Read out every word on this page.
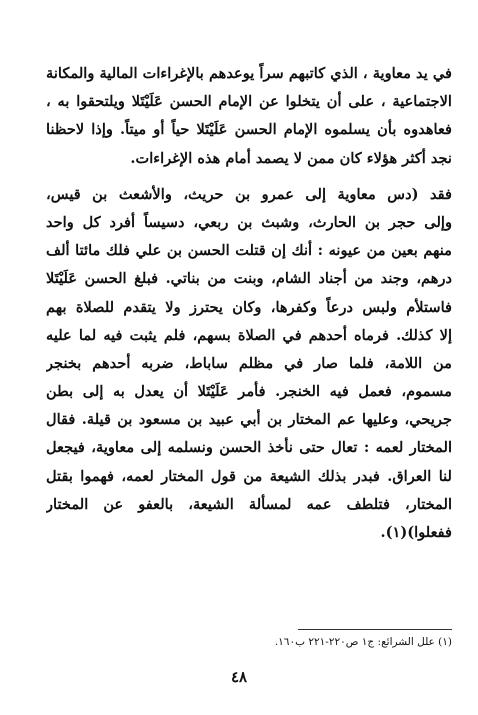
في يد معاوية ، الذي كاتبهم سراً يوعدهم بالإغراءات المالية والمكانة
الاجتماعية ، على أن يتخلوا عن الإمام الحسن عَلَيْتَلا ويلتحقوا به ،
فعاهدوه بأن يسلموه الإمام الحسن عَلَيْتَلا حياً أو ميتاً. وإذا لاحظنا
نجد أكثر هؤلاء كان ممن لا يصمد أمام هذه الإغراءات.
فقد (دس معاوية إلى عمرو بن حريث، والأشعث بن قيس،
وإلى حجر بن الحارث، وشبث بن ربعي، دسيساً أفرد كل واحد
منهم بعين من عيونه : أنك إن قتلت الحسن بن علي فلك مائتا ألف
درهم، وجند من أجناد الشام، وبنت من بناتي. فبلغ الحسن عَلَيْتَلا
فاستلأم ولبس درعاً وكفرها، وكان يحترز ولا يتقدم للصلاة بهم
إلا كذلك. فرماه أحدهم في الصلاة بسهم، فلم يثبت فيه لما عليه
من اللامة، فلما صار في مظلم ساباط، ضربه أحدهم بخنجر
مسموم، فعمل فيه الخنجر. فأمر عَلَيْتَلا أن يعدل به إلى بطن
جريحي، وعليها عم المختار بن أبي عبيد بن مسعود بن قيلة. فقال
المختار لعمه : تعال حتى نأخذ الحسن ونسلمه إلى معاوية، فيجعل
لنا العراق. فبدر بذلك الشيعة من قول المختار لعمه، فهموا بقتل
المختار، فتلطف عمه لمسألة الشيعة، بالعفو عن المختار
ففعلوا)(١).
(١) علل الشرائع: ج١ ص٢٢٠-٢٢١ ب١٦٠.
٤٨
